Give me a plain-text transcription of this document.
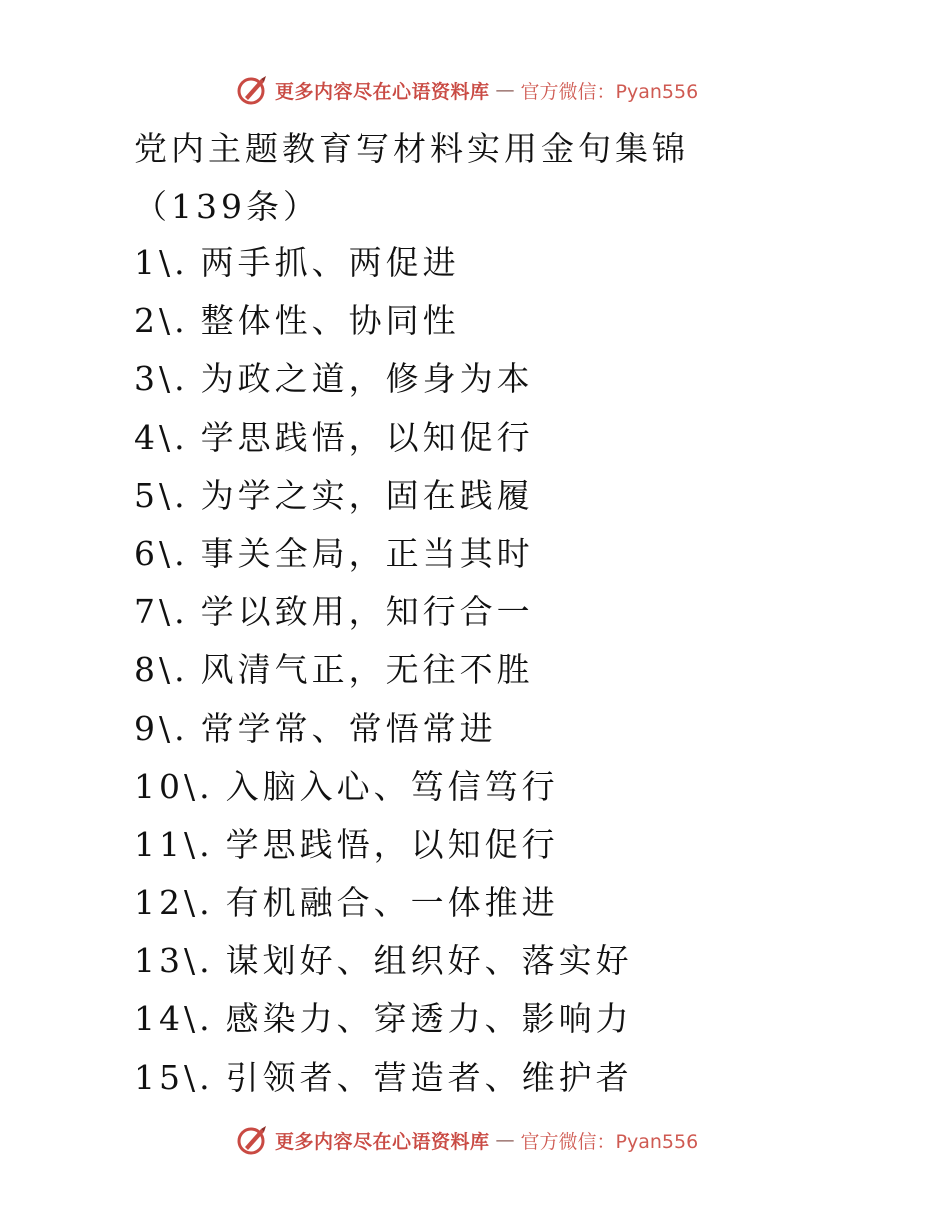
更多内容尽在心语资料库 — 官方微信：Pyan556
党内主题教育写材料实用金句集锦（139条）
1\. 两手抓、两促进
2\. 整体性、协同性
3\. 为政之道，修身为本
4\. 学思践悟，以知促行
5\. 为学之实，固在践履
6\. 事关全局，正当其时
7\. 学以致用，知行合一
8\. 风清气正，无往不胜
9\. 常学常、常悟常进
10\. 入脑入心、笃信笃行
11\. 学思践悟，以知促行
12\. 有机融合、一体推进
13\. 谋划好、组织好、落实好
14\. 感染力、穿透力、影响力
15\. 引领者、营造者、维护者
更多内容尽在心语资料库 — 官方微信：Pyan556
